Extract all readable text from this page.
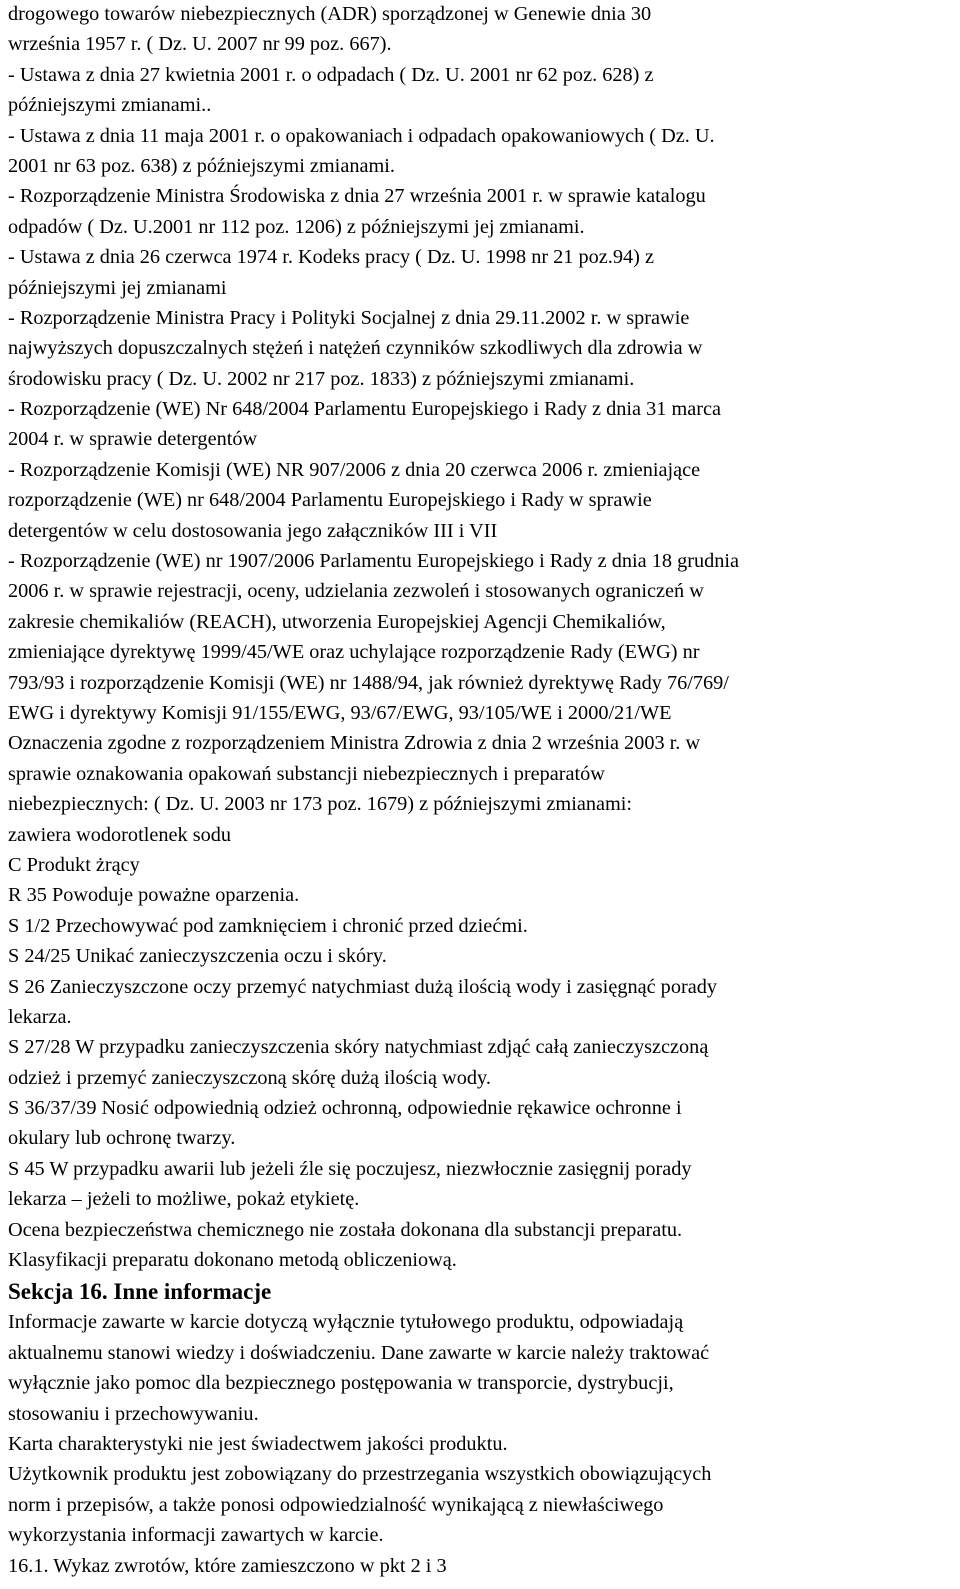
drogowego towarów niebezpiecznych (ADR) sporządzonej w Genewie dnia 30
września 1957 r. ( Dz. U. 2007 nr 99 poz. 667).
- Ustawa z dnia 27 kwietnia 2001 r. o odpadach ( Dz. U. 2001 nr 62 poz. 628) z
późniejszymi zmianami..
- Ustawa z dnia 11 maja 2001 r. o opakowaniach i odpadach opakowaniowych ( Dz. U.
2001 nr 63 poz. 638) z późniejszymi zmianami.
- Rozporządzenie Ministra Środowiska z dnia 27 września 2001 r. w sprawie katalogu
odpadów ( Dz. U.2001 nr 112 poz. 1206) z późniejszymi jej zmianami.
- Ustawa z dnia 26 czerwca 1974 r. Kodeks pracy ( Dz. U. 1998 nr 21 poz.94) z
późniejszymi jej zmianami
- Rozporządzenie Ministra Pracy i Polityki Socjalnej z dnia 29.11.2002 r. w sprawie
najwyższych dopuszczalnych stężeń i natężeń czynników szkodliwych dla zdrowia w
środowisku pracy ( Dz. U. 2002 nr 217 poz. 1833) z późniejszymi zmianami.
- Rozporządzenie (WE) Nr 648/2004 Parlamentu Europejskiego i Rady z dnia 31 marca
2004 r. w sprawie detergentów
- Rozporządzenie Komisji (WE) NR 907/2006 z dnia 20 czerwca 2006 r. zmieniające
rozporządzenie (WE) nr 648/2004 Parlamentu Europejskiego i Rady w sprawie
detergentów w celu dostosowania jego załączników III i VII
- Rozporządzenie (WE) nr 1907/2006 Parlamentu Europejskiego i Rady z dnia 18 grudnia
2006 r. w sprawie rejestracji, oceny, udzielania zezwoleń i stosowanych ograniczeń w
zakresie chemikaliów (REACH), utworzenia Europejskiej Agencji Chemikaliów,
zmieniające dyrektywę 1999/45/WE oraz uchylające rozporządzenie Rady (EWG) nr
793/93 i rozporządzenie Komisji (WE) nr 1488/94, jak również dyrektywę Rady 76/769/
EWG i dyrektywy Komisji 91/155/EWG, 93/67/EWG, 93/105/WE i 2000/21/WE
Oznaczenia zgodne z rozporządzeniem Ministra Zdrowia z dnia 2 września 2003 r. w
sprawie oznakowania opakowań substancji niebezpiecznych i preparatów
niebezpiecznych: ( Dz. U. 2003 nr 173 poz. 1679) z późniejszymi zmianami:
zawiera wodorotlenek sodu
C Produkt żrący
R 35 Powoduje poważne oparzenia.
S 1/2 Przechowywać pod zamknięciem i chronić przed dziećmi.
S 24/25 Unikać zanieczyszczenia oczu i skóry.
S 26 Zanieczyszczone oczy przemyć natychmiast dużą ilością wody i zasięgnąć porady
lekarza.
S 27/28 W przypadku zanieczyszczenia skóry natychmiast zdjąć całą zanieczyszczoną
odzież i przemyć zanieczyszczoną skórę dużą ilością wody.
S 36/37/39 Nosić odpowiednią odzież ochronną, odpowiednie rękawice ochronne i
okulary lub ochronę twarzy.
S 45 W przypadku awarii lub jeżeli źle się poczujesz, niezwłocznie zasięgnij porady
lekarza – jeżeli to możliwe, pokaż etykietę.
Ocena bezpieczeństwa chemicznego nie została dokonana dla substancji preparatu.
Klasyfikacji preparatu dokonano metodą obliczeniową.
Sekcja 16. Inne informacje
Informacje zawarte w karcie dotyczą wyłącznie tytułowego produktu, odpowiadają
aktualnemu stanowi wiedzy i doświadczeniu. Dane zawarte w karcie należy traktować
wyłącznie jako pomoc dla bezpiecznego postępowania w transporcie, dystrybucji,
stosowaniu i przechowywaniu.
Karta charakterystyki nie jest świadectwem jakości produktu.
Użytkownik produktu jest zobowiązany do przestrzegania wszystkich obowiązujących
norm i przepisów, a także ponosi odpowiedzialność wynikającą z niewłaściwego
wykorzystania informacji zawartych w karcie.
16.1. Wykaz zwrotów, które zamieszczono w pkt 2 i 3
